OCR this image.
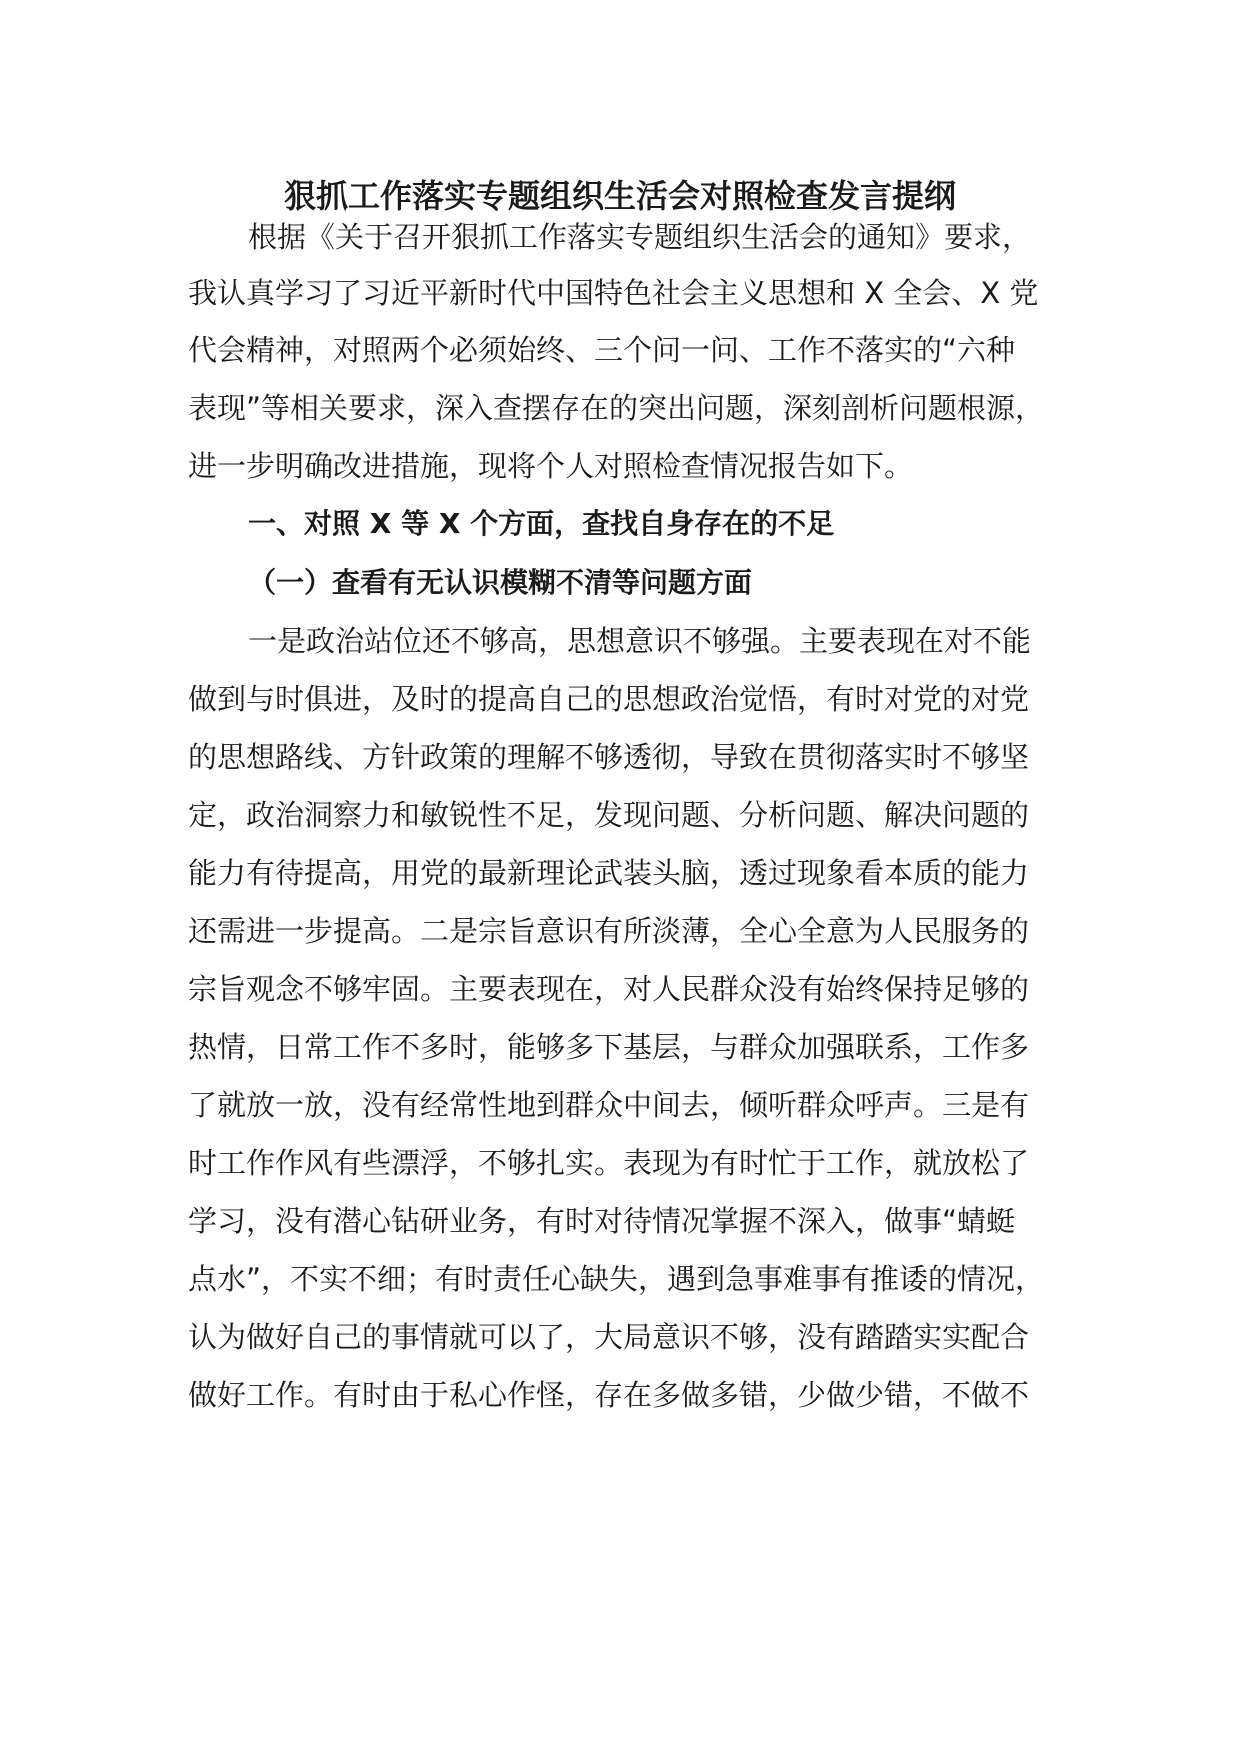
狠抓工作落实专题组织生活会对照检查发言提纲

根据《关于召开狠抓工作落实专题组织生活会的通知》要求，

我认真学习了习近平新时代中国特色社会主义思想和 X 全会、X 党

代会精神，对照两个必须始终、三个问一问、工作不落实的“六种

表现”等相关要求，深入查摆存在的突出问题，深刻剖析问题根源，

进一步明确改进措施，现将个人对照检查情况报告如下。

一、对照 X 等 X 个方面，查找自身存在的不足

（一）查看有无认识模糊不清等问题方面

一是政治站位还不够高，思想意识不够强。主要表现在对不能

做到与时俱进，及时的提高自己的思想政治觉悟，有时对党的对党

的思想路线、方针政策的理解不够透彻，导致在贯彻落实时不够坚

定，政治洞察力和敏锐性不足，发现问题、分析问题、解决问题的

能力有待提高，用党的最新理论武装头脑，透过现象看本质的能力

还需进一步提高。二是宗旨意识有所淡薄，全心全意为人民服务的

宗旨观念不够牢固。主要表现在，对人民群众没有始终保持足够的

热情，日常工作不多时，能够多下基层，与群众加强联系，工作多

了就放一放，没有经常性地到群众中间去，倾听群众呼声。三是有

时工作作风有些漂浮，不够扎实。表现为有时忙于工作，就放松了

学习，没有潜心钻研业务，有时对待情况掌握不深入，做事“蜻蜓

点水”，不实不细；有时责任心缺失，遇到急事难事有推诿的情况，

认为做好自己的事情就可以了，大局意识不够，没有踏踏实实配合

做好工作。有时由于私心作怪，存在多做多错，少做少错，不做不
